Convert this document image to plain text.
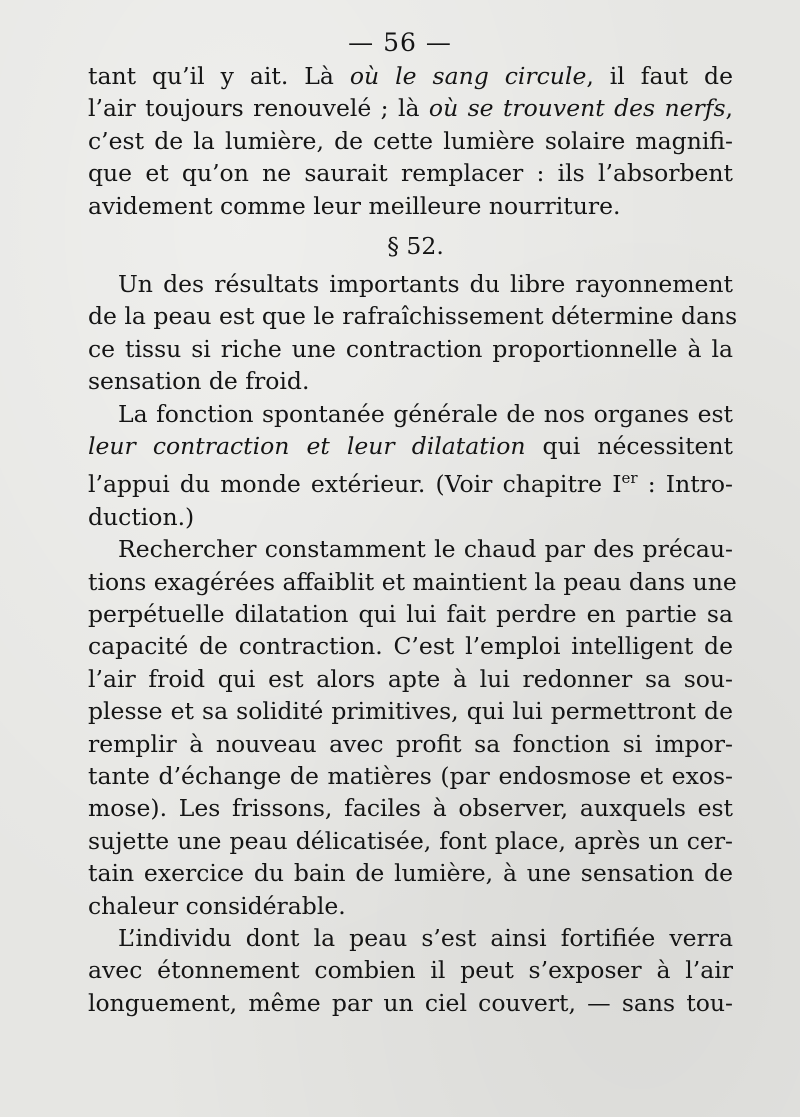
— 56 —
tant qu’il y ait. Là où le sang circule, il faut de
l’air toujours renouvelé ; là où se trouvent des nerfs,
c’est de la lumière, de cette lumière solaire magnifi-
que et qu’on ne saurait remplacer : ils l’absorbent
avidement comme leur meilleure nourriture.
§ 52.
Un des résultats importants du libre rayonnement
de la peau est que le rafraîchissement détermine dans
ce tissu si riche une contraction proportionnelle à la
sensation de froid.
La fonction spontanée générale de nos organes est
leur contraction et leur dilatation qui nécessitent
l’appui du monde extérieur. (Voir chapitre Ier : Intro-
duction.)
Rechercher constamment le chaud par des précau-
tions exagérées affaiblit et maintient la peau dans une
perpétuelle dilatation qui lui fait perdre en partie sa
capacité de contraction. C’est l’emploi intelligent de
l’air froid qui est alors apte à lui redonner sa sou-
plesse et sa solidité primitives, qui lui permettront de
remplir à nouveau avec profit sa fonction si impor-
tante d’échange de matières (par endosmose et exos-
mose). Les frissons, faciles à observer, auxquels est
sujette une peau délicatisée, font place, après un cer-
tain exercice du bain de lumière, à une sensation de
chaleur considérable.
L’individu dont la peau s’est ainsi fortifiée verra
avec étonnement combien il peut s’exposer à l’air
longuement, même par un ciel couvert, — sans tou-
